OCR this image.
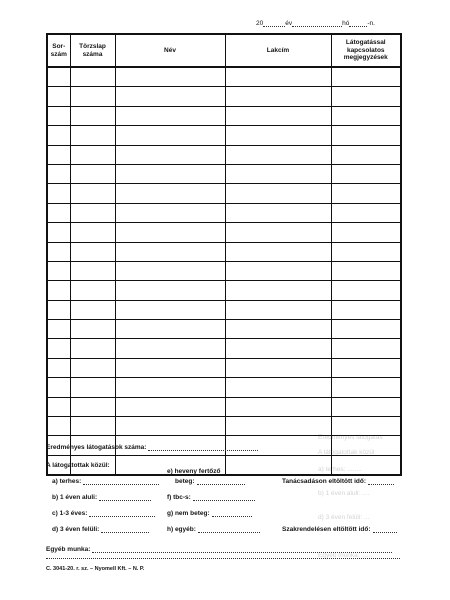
Eredményes látogatás
A látogatottak közül
a) terhes: ........
b) 1 éven aluli: ....
d) 3 éven felüli: ...
Egyéb munka: ......
20	év	hó	-n.
Sor-szám	Törzslap száma	Név	Lakcím	Látogatással kapcsolatos megjegyzések

Eredményes látogatások száma:
A látogatottak közül:
a) terhes:
b) 1 éven aluli:
c) 1-3 éves:
d) 3 éven felüli:
e) heveny fertőző
beteg:
f) tbc-s:
g) nem beteg:
h) egyéb:
Tanácsadáson eltöltött idő:
Szakrendelésen eltöltött idő:
Egyéb munka:
C. 3041-20. r. sz. – Nyomell Kft. – N. P.
